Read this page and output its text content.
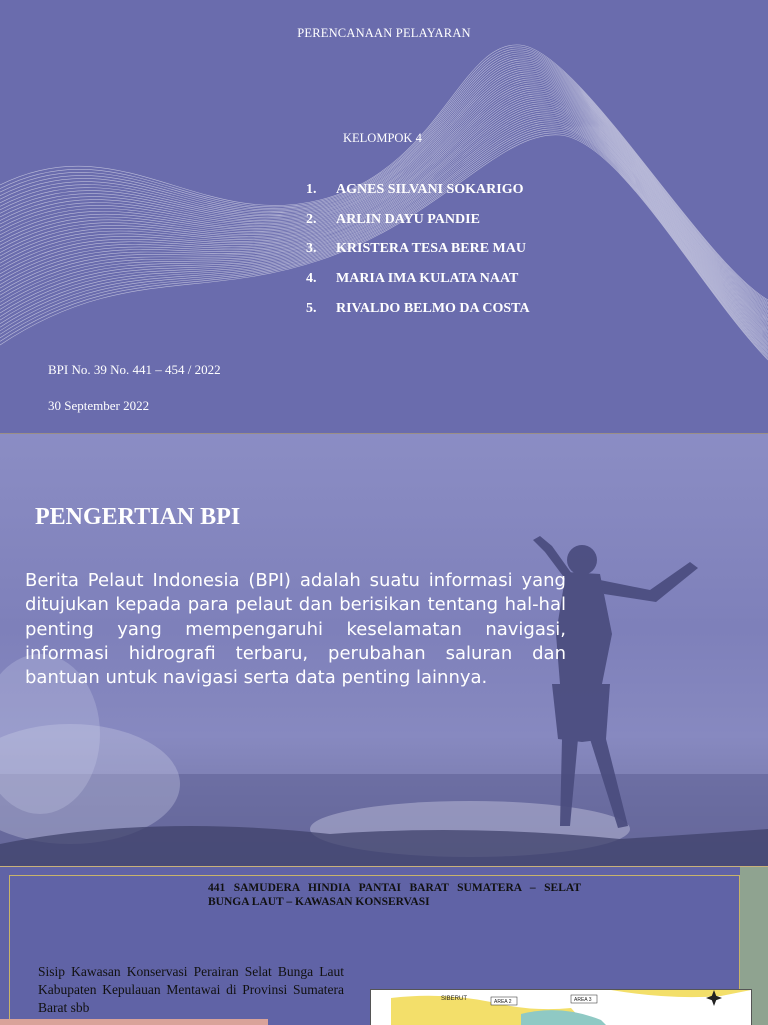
PERENCANAAN PELAYARAN
KELOMPOK 4
1.	AGNES SILVANI SOKARIGO
2.	ARLIN DAYU PANDIE
3.	KRISTERA TESA BERE MAU
4.	MARIA IMA KULATA NAAT
5.	RIVALDO BELMO DA COSTA
BPI No. 39 No. 441 – 454 / 2022
30 September 2022
PENGERTIAN BPI

Berita Pelaut Indonesia (BPI) adalah suatu informasi yang ditujukan kepada para pelaut dan berisikan tentang hal-hal penting yang mempengaruhi keselamatan navigasi, informasi hidrografi terbaru, perubahan saluran dan bantuan untuk navigasi serta data penting lainnya.

441 SAMUDERA HINDIA PANTAI BARAT SUMATERA – SELAT BUNGA LAUT – KAWASAN KONSERVASI

Sisip Kawasan Konservasi Perairan Selat Bunga Laut Kabupaten Kepulauan Mentawai di Provinsi Sumatera Barat sbb

SIBERUT	AREA 2	AREA 3
